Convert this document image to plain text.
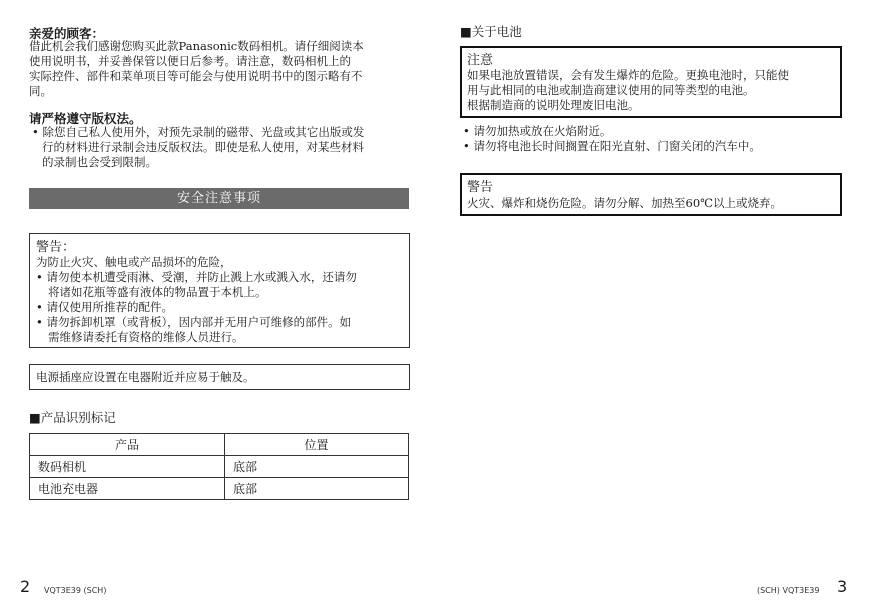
亲爱的顾客：
借此机会我们感谢您购买此款Panasonic数码相机。请仔细阅读本
使用说明书，并妥善保管以便日后参考。请注意，数码相机上的
实际控件、部件和菜单项目等可能会与使用说明书中的图示略有不
同。
请严格遵守版权法。
• 除您自己私人使用外，对预先录制的磁带、光盘或其它出版或发
行的材料进行录制会违反版权法。即使是私人使用，对某些材料
的录制也会受到限制。
安全注意事项
警告：
为防止火灾、触电或产品损坏的危险，
• 请勿使本机遭受雨淋、受潮，并防止溅上水或溅入水，还请勿
将诸如花瓶等盛有液体的物品置于本机上。
• 请仅使用所推荐的配件。
• 请勿拆卸机罩（或背板），因内部并无用户可维修的部件。如
需维修请委托有资格的维修人员进行。
电源插座应设置在电器附近并应易于触及。
■产品识别标记
产品	位置
数码相机	底部
电池充电器	底部
2 VQT3E39 (SCH)
■关于电池
注意
如果电池放置错误，会有发生爆炸的危险。更换电池时，只能使
用与此相同的电池或制造商建议使用的同等类型的电池。
根据制造商的说明处理废旧电池。
• 请勿加热或放在火焰附近。
• 请勿将电池长时间搁置在阳光直射、门窗关闭的汽车中。
警告
火灾、爆炸和烧伤危险。请勿分解、加热至60℃以上或烧弃。
(SCH) VQT3E39 3
